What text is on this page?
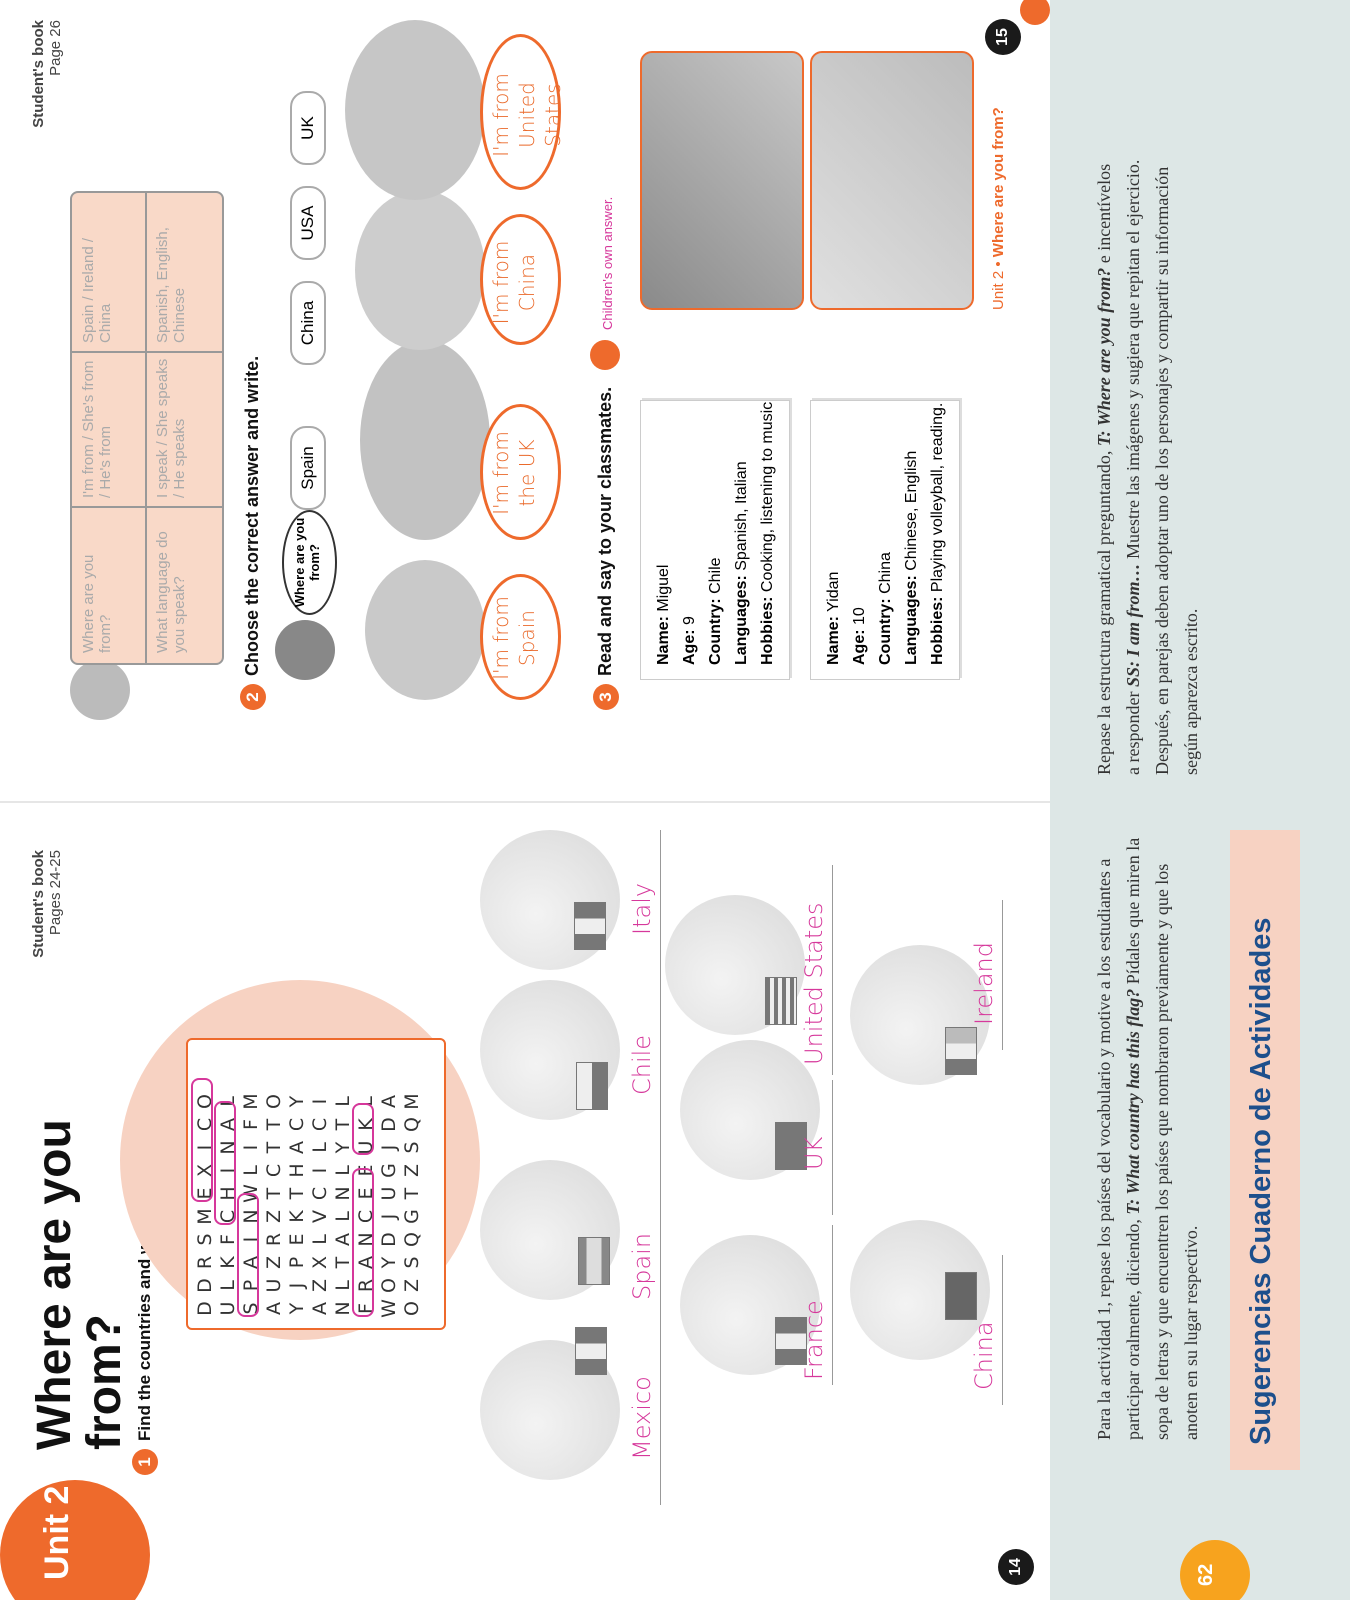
Unit 2
Where are you from?
Student's book Pages 24-25
1Find the countries and write. DDRSMEXICO
ULKFCHINAL
SPAINWLIFM
AUZRZTCTTO
YJPEKTHACY
AZXLVCILCI
NLTALNLYTL
FRANCEEUKL
WOYDJUGJDA
OZSQGTZSQM
Mexico
Spain
Chile
Italy
France
UK
United States
China
Ireland
14
Student's book Page 26
Where are you from?
I'm from / She's from / He's from
Spain / Ireland / China
What language do you speak?
I speak / She speaks / He speaks
Spanish, English, Chinese
2Choose the correct answer and write.	Where are you from?
Spain
China
USA
UK
I'm from Spain
I'm from the UK
I'm from China
I'm from United States
3Read and say to your classmates.
Children's own answer.
Name: Miguel
Age: 9 Country: Chile Languages: Spanish, Italian
Hobbies: Cooking, listening to music
Name: Yidan
Age: 10 Country: China
Languages: Chinese, English
Hobbies: Playing volleyball, reading.
Unit 2 • Where are you from?
15
62
Sugerencias Cuaderno de Actividades
Para la actividad 1, repase los países del vocabulario y motive a los estudiantes a participar oralmente, diciendo, T: What country has this flag? Pídales que miren la sopa de letras y que encuentren los países que nombraron previamente y que los anoten en su lugar respectivo.
Repase la estructura gramatical preguntando, T: Where are you from? e incentívelos a responder SS: I am from… Muestre las imágenes y sugiera que repitan el ejercicio. Después, en parejas deben adoptar uno de los personajes y compartir su información según aparezca escrito.
